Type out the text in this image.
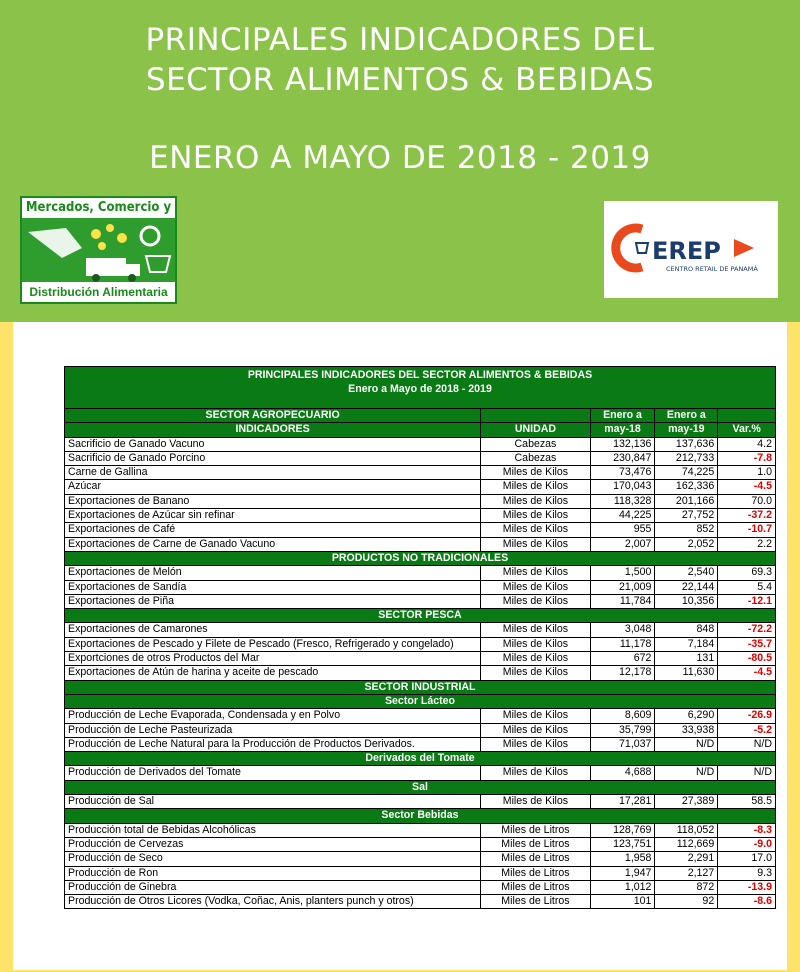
PRINCIPALES INDICADORES DEL
SECTOR ALIMENTOS & BEBIDAS
ENERO A MAYO DE 2018 - 2019
Mercados, Comercio y
Distribución Alimentaria
EREP
CENTRO RETAIL DE PANAMÁ
PRINCIPALES INDICADORES DEL SECTOR ALIMENTOS & BEBIDAS
Enero a Mayo de 2018 - 2019				

SECTOR AGROPECUARIO		Enero a	Enero a	
INDICADORES	UNIDAD	may-18	may-19	Var.%
Sacrificio de Ganado Vacuno	Cabezas	132,136	137,636	4.2
Sacrificio de Ganado Porcino	Cabezas	230,847	212,733	-7.8
Carne de Gallina	Miles de Kilos	73,476	74,225	1.0
Azúcar	Miles de Kilos	170,043	162,336	-4.5
Exportaciones de Banano	Miles de Kilos	118,328	201,166	70.0
Exportaciones de Azúcar sin refinar	Miles de Kilos	44,225	27,752	-37.2
Exportaciones de Café	Miles de Kilos	955	852	-10.7
Exportaciones de Carne de Ganado Vacuno	Miles de Kilos	2,007	2,052	2.2
PRODUCTOS NO TRADICIONALES				
Exportaciones de Melón	Miles de Kilos	1,500	2,540	69.3
Exportaciones de Sandía	Miles de Kilos	21,009	22,144	5.4
Exportaciones de Piña	Miles de Kilos	11,784	10,356	-12.1
SECTOR PESCA				
Exportaciones de Camarones	Miles de Kilos	3,048	848	-72.2
Exportaciones de Pescado y Filete de Pescado (Fresco, Refrigerado y congelado)	Miles de Kilos	11,178	7,184	-35.7
Exportciones de otros Productos del Mar	Miles de Kilos	672	131	-80.5
Exportaciones de Atún de harina y aceite de pescado	Miles de Kilos	12,178	11,630	-4.5
SECTOR INDUSTRIAL				
Sector Lácteo				
Producción de Leche Evaporada, Condensada y en Polvo	Miles de Kilos	8,609	6,290	-26.9
Producción de Leche Pasteurizada	Miles de Kilos	35,799	33,938	-5.2
Producción de Leche Natural para la Producción de Productos Derivados.	Miles de Kilos	71,037	N/D	N/D
Derivados del Tomate				
Producción de Derivados del Tomate	Miles de Kilos	4,688	N/D	N/D
Sal				
Producción de Sal	Miles de Kilos	17,281	27,389	58.5
Sector Bebidas				
Producción total de Bebidas Alcohólicas	Miles de Litros	128,769	118,052	-8.3
Producción de Cervezas	Miles de Litros	123,751	112,669	-9.0
Producción de Seco	Miles de Litros	1,958	2,291	17.0
Producción de Ron	Miles de Litros	1,947	2,127	9.3
Producción de Ginebra	Miles de Litros	1,012	872	-13.9
Producción de Otros Licores (Vodka, Coñac, Anis, planters punch y otros)	Miles de Litros	101	92	-8.6
